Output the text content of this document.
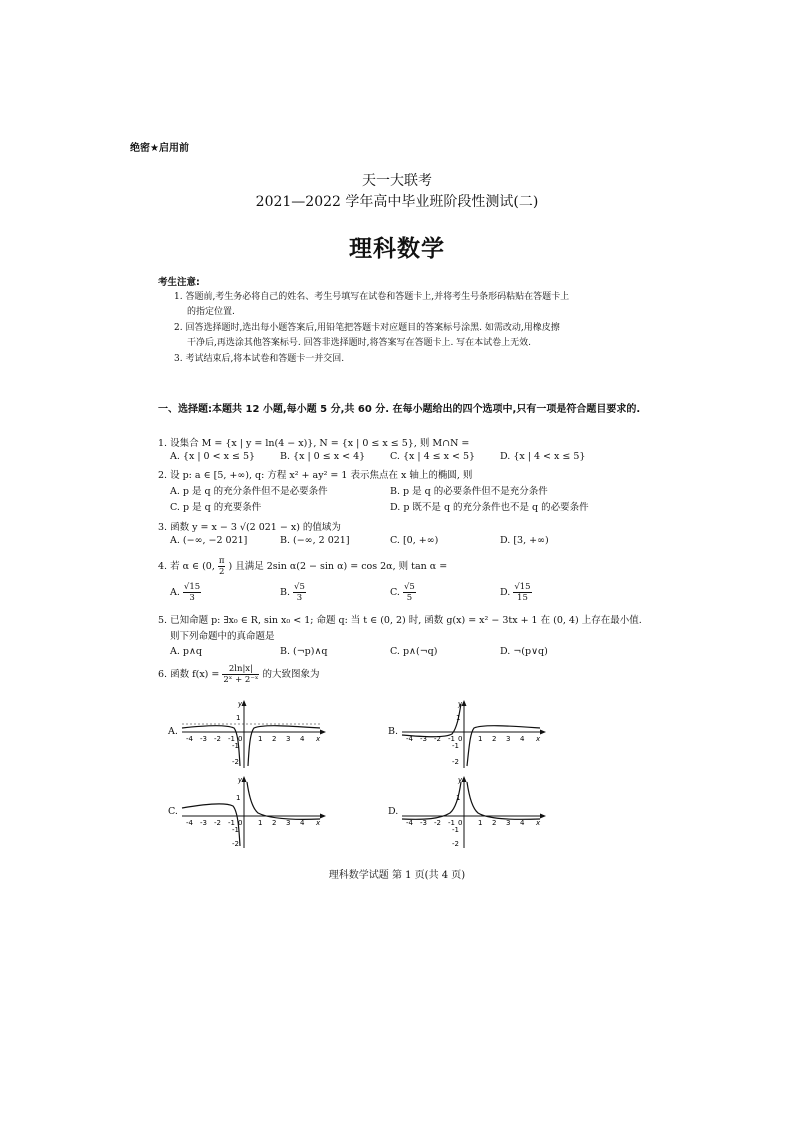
绝密★启用前
天一大联考
2021—2022 学年高中毕业班阶段性测试(二)
理科数学
考生注意:
1. 答题前,考生务必将自己的姓名、考生号填写在试卷和答题卡上,并将考生号条形码粘贴在答题卡上
的指定位置.
2. 回答选择题时,选出每小题答案后,用铅笔把答题卡对应题目的答案标号涂黑. 如需改动,用橡皮擦
干净后,再选涂其他答案标号. 回答非选择题时,将答案写在答题卡上. 写在本试卷上无效.
3. 考试结束后,将本试卷和答题卡一并交回.
一、选择题:本题共 12 小题,每小题 5 分,共 60 分. 在每小题给出的四个选项中,只有一项是符合题目要求的.
1. 设集合 M = {x | y = ln(4 − x)}, N = {x | 0 ≤ x ≤ 5}, 则 M∩N =
A. {x | 0 < x ≤ 5}	B. {x | 0 ≤ x < 4}	C. {x | 4 ≤ x < 5}	D. {x | 4 < x ≤ 5}
2. 设 p: a ∈ [5, +∞), q: 方程 x² + ay² = 1 表示焦点在 x 轴上的椭圆, 则
A. p 是 q 的充分条件但不是必要条件	B. p 是 q 的必要条件但不是充分条件
C. p 是 q 的充要条件	D. p 既不是 q 的充分条件也不是 q 的必要条件
3. 函数 y = x − 3 √(2 021 − x) 的值域为
A. (−∞, −2 021]	B. (−∞, 2 021]	C. [0, +∞)	D. [3, +∞)
4. 若 α ∈ (0, $\frac{\pi}{2}$ ) 且满足 2sin α(2 − sin α) = cos 2α, 则 tan α =
A. $\frac{√15}{3}$	B. $\frac{√5}{3}$	C. $\frac{√5}{5}$	D. $\frac{√15}{15}$
5. 已知命题 p: ∃x₀ ∈ R, sin x₀ < 1; 命题 q: 当 t ∈ (0, 2) 时, 函数 g(x) = x² − 3tx + 1 在 (0, 4) 上存在最小值.
则下列命题中的真命题是
A. p∧q	B. (¬p)∧q	C. p∧(¬q)	D. ¬(p∨q)
6. 函数 $f(x) = \frac{2\ln|x|}{\text{2ˣ + 2⁻ˣ}}$ 的大致图象为
A.
-4 -3 -2 -1 0 1 2 3 4 x
y
1
-1
-2
B.
-4 -3 -2 -1 0 1 2 3 4 x
y
1
-1
-2
C.
-4 -3 -2 -1 0 1 2 3 4 x
y
1
-1
-2
D.
-4 -3 -2 -1 0 1 2 3 4 x
y
1
-1
-2
理科数学试题 第 1 页(共 4 页)
